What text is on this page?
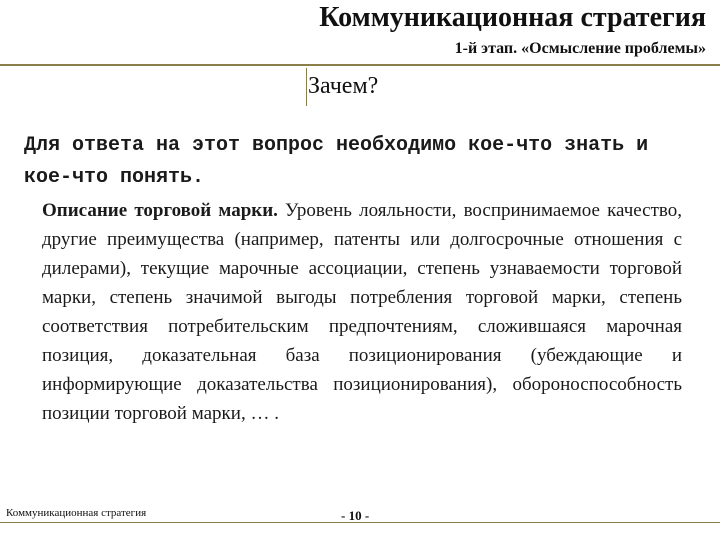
Коммуникационная стратегия
1-й этап. «Осмысление проблемы»
Зачем?
Для ответа на этот вопрос необходимо кое-что знать и кое-что понять.
Описание торговой марки. Уровень лояльности, воспринимаемое качество, другие преимущества (например, патенты или долгосрочные отношения с дилерами), текущие марочные ассоциации, степень узнаваемости торговой марки, степень значимой выгоды потребления торговой марки, степень соответствия потребительским предпочтениям, сложившаяся марочная позиция, доказательная база позиционирования (убеждающие и информирующие доказательства позиционирования), обороноспособность позиции торговой марки, … .
Коммуникационная стратегия	- 10 -
